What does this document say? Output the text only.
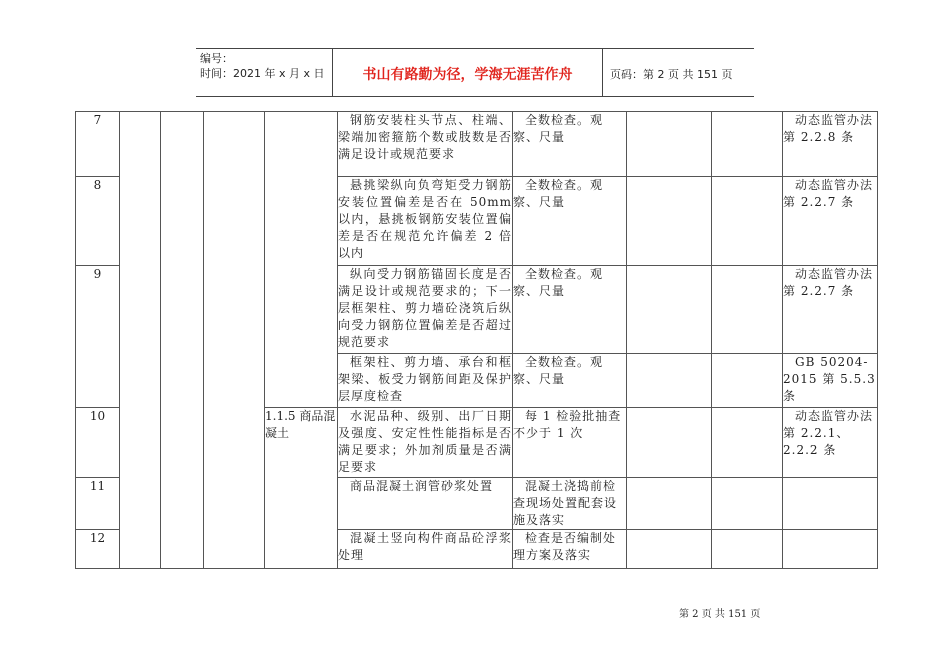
编号：
时间：2021 年 x 月 x 日	书山有路勤为径，学海无涯苦作舟	页码：第 2 页 共 151 页
7					钢筋安装柱头节点、柱端、梁端加密箍筋个数或肢数是否满足设计或规范要求	全数检查。观察、尺量			动态监管办法第 2.2.8 条
8					悬挑梁纵向负弯矩受力钢筋安装位置偏差是否在 50mm 以内，悬挑板钢筋安装位置偏差是否在规范允许偏差 2 倍以内	全数检查。观察、尺量			动态监管办法第 2.2.7 条
9					纵向受力钢筋锚固长度是否满足设计或规范要求的；下一层框架柱、剪力墙砼浇筑后纵向受力钢筋位置偏差是否超过规范要求	全数检查。观察、尺量			动态监管办法第 2.2.7 条
					框架柱、剪力墙、承台和框架梁、板受力钢筋间距及保护层厚度检查	全数检查。观察、尺量			GB 50204-2015 第 5.5.3 条
10				1.1.5 商品混凝土	水泥品种、级别、出厂日期及强度、安定性性能指标是否满足要求；外加剂质量是否满足要求	每 1 检验批抽查不少于 1 次			动态监管办法第 2.2.1、2.2.2 条
11					商品混凝土润管砂浆处置	混凝土浇捣前检查现场处置配套设施及落实			
12					混凝土竖向构件商品砼浮浆处理	检查是否编制处理方案及落实			
第 2 页 共 151 页
